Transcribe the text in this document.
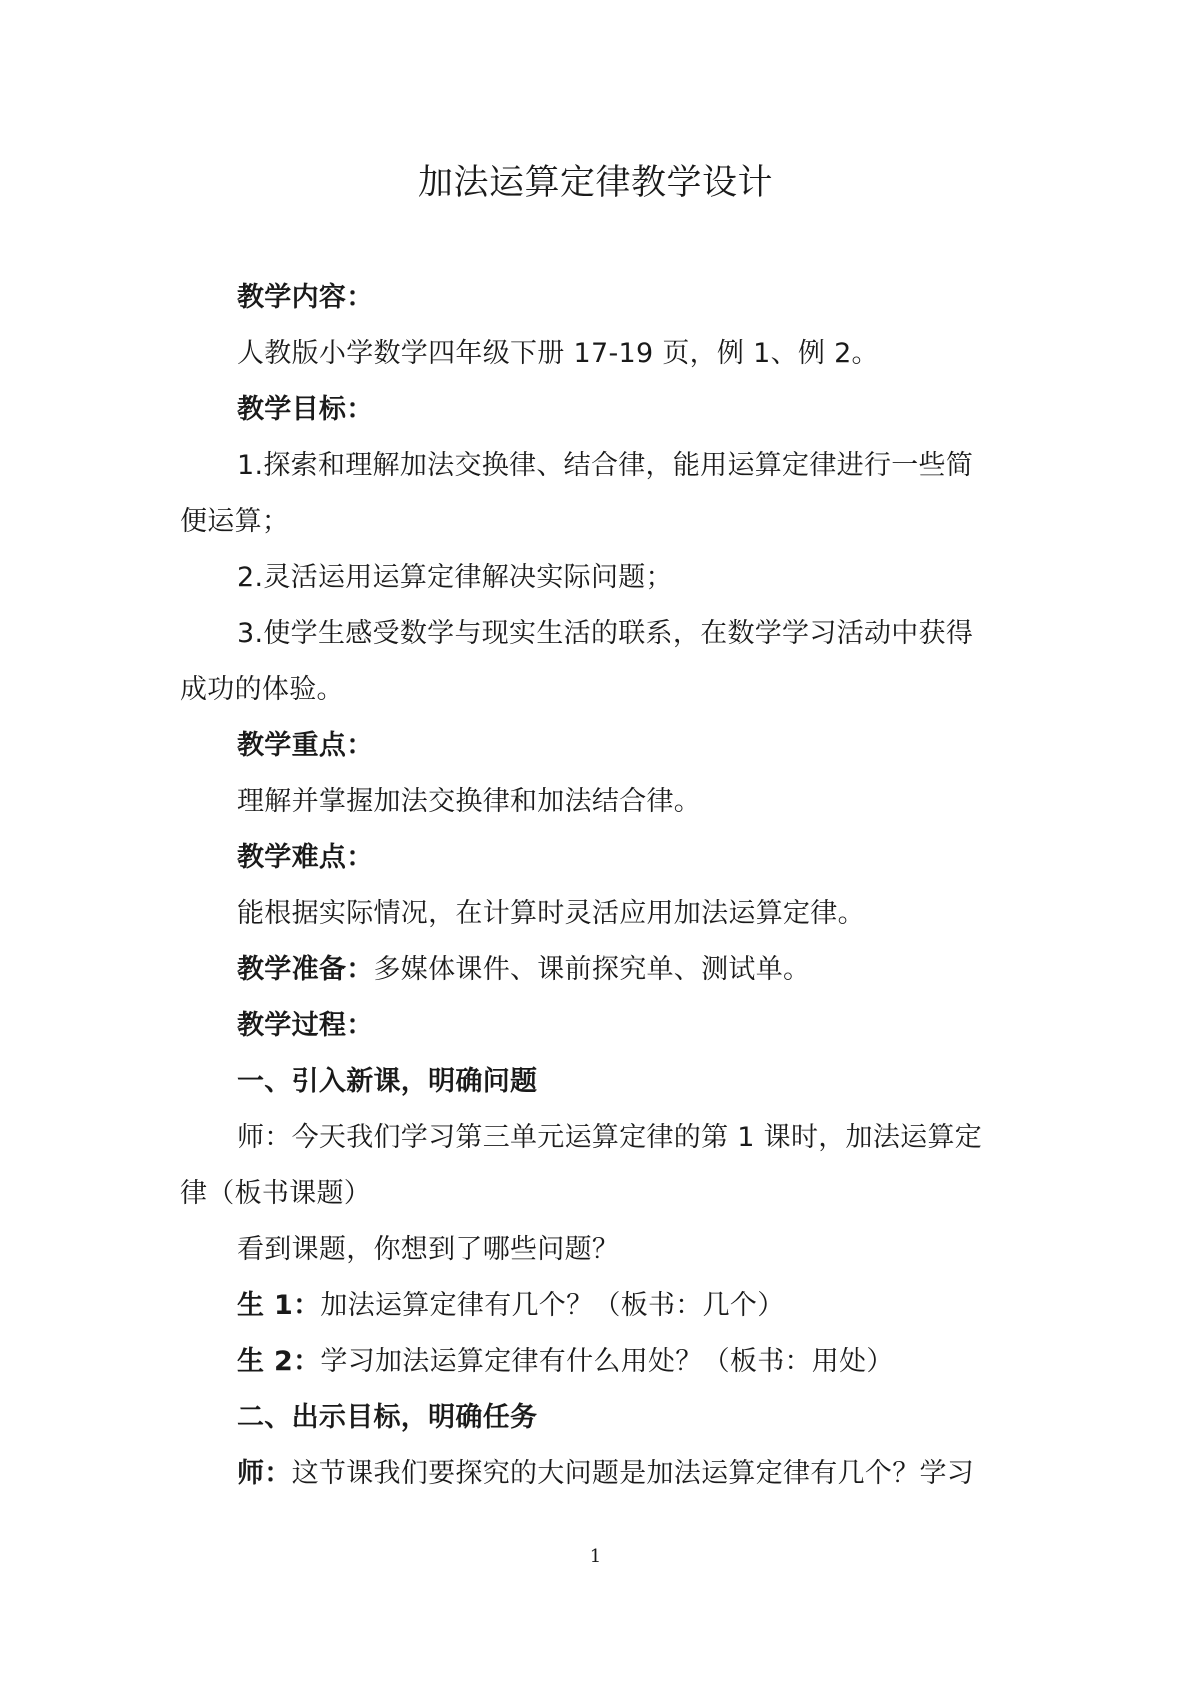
加法运算定律教学设计

教学内容：

人教版小学数学四年级下册 17-19 页，例 1、例 2。

教学目标：

1.探索和理解加法交换律、结合律，能用运算定律进行一些简

便运算；

2.灵活运用运算定律解决实际问题；

3.使学生感受数学与现实生活的联系，在数学学习活动中获得

成功的体验。

教学重点：

理解并掌握加法交换律和加法结合律。

教学难点：

能根据实际情况，在计算时灵活应用加法运算定律。

教学准备：多媒体课件、课前探究单、测试单。

教学过程：

一、引入新课，明确问题

师：今天我们学习第三单元运算定律的第 1 课时，加法运算定

律（板书课题）

看到课题，你想到了哪些问题？

生 1：加法运算定律有几个？（板书：几个）

生 2：学习加法运算定律有什么用处？（板书：用处）

二、出示目标，明确任务

师：这节课我们要探究的大问题是加法运算定律有几个？学习

1
